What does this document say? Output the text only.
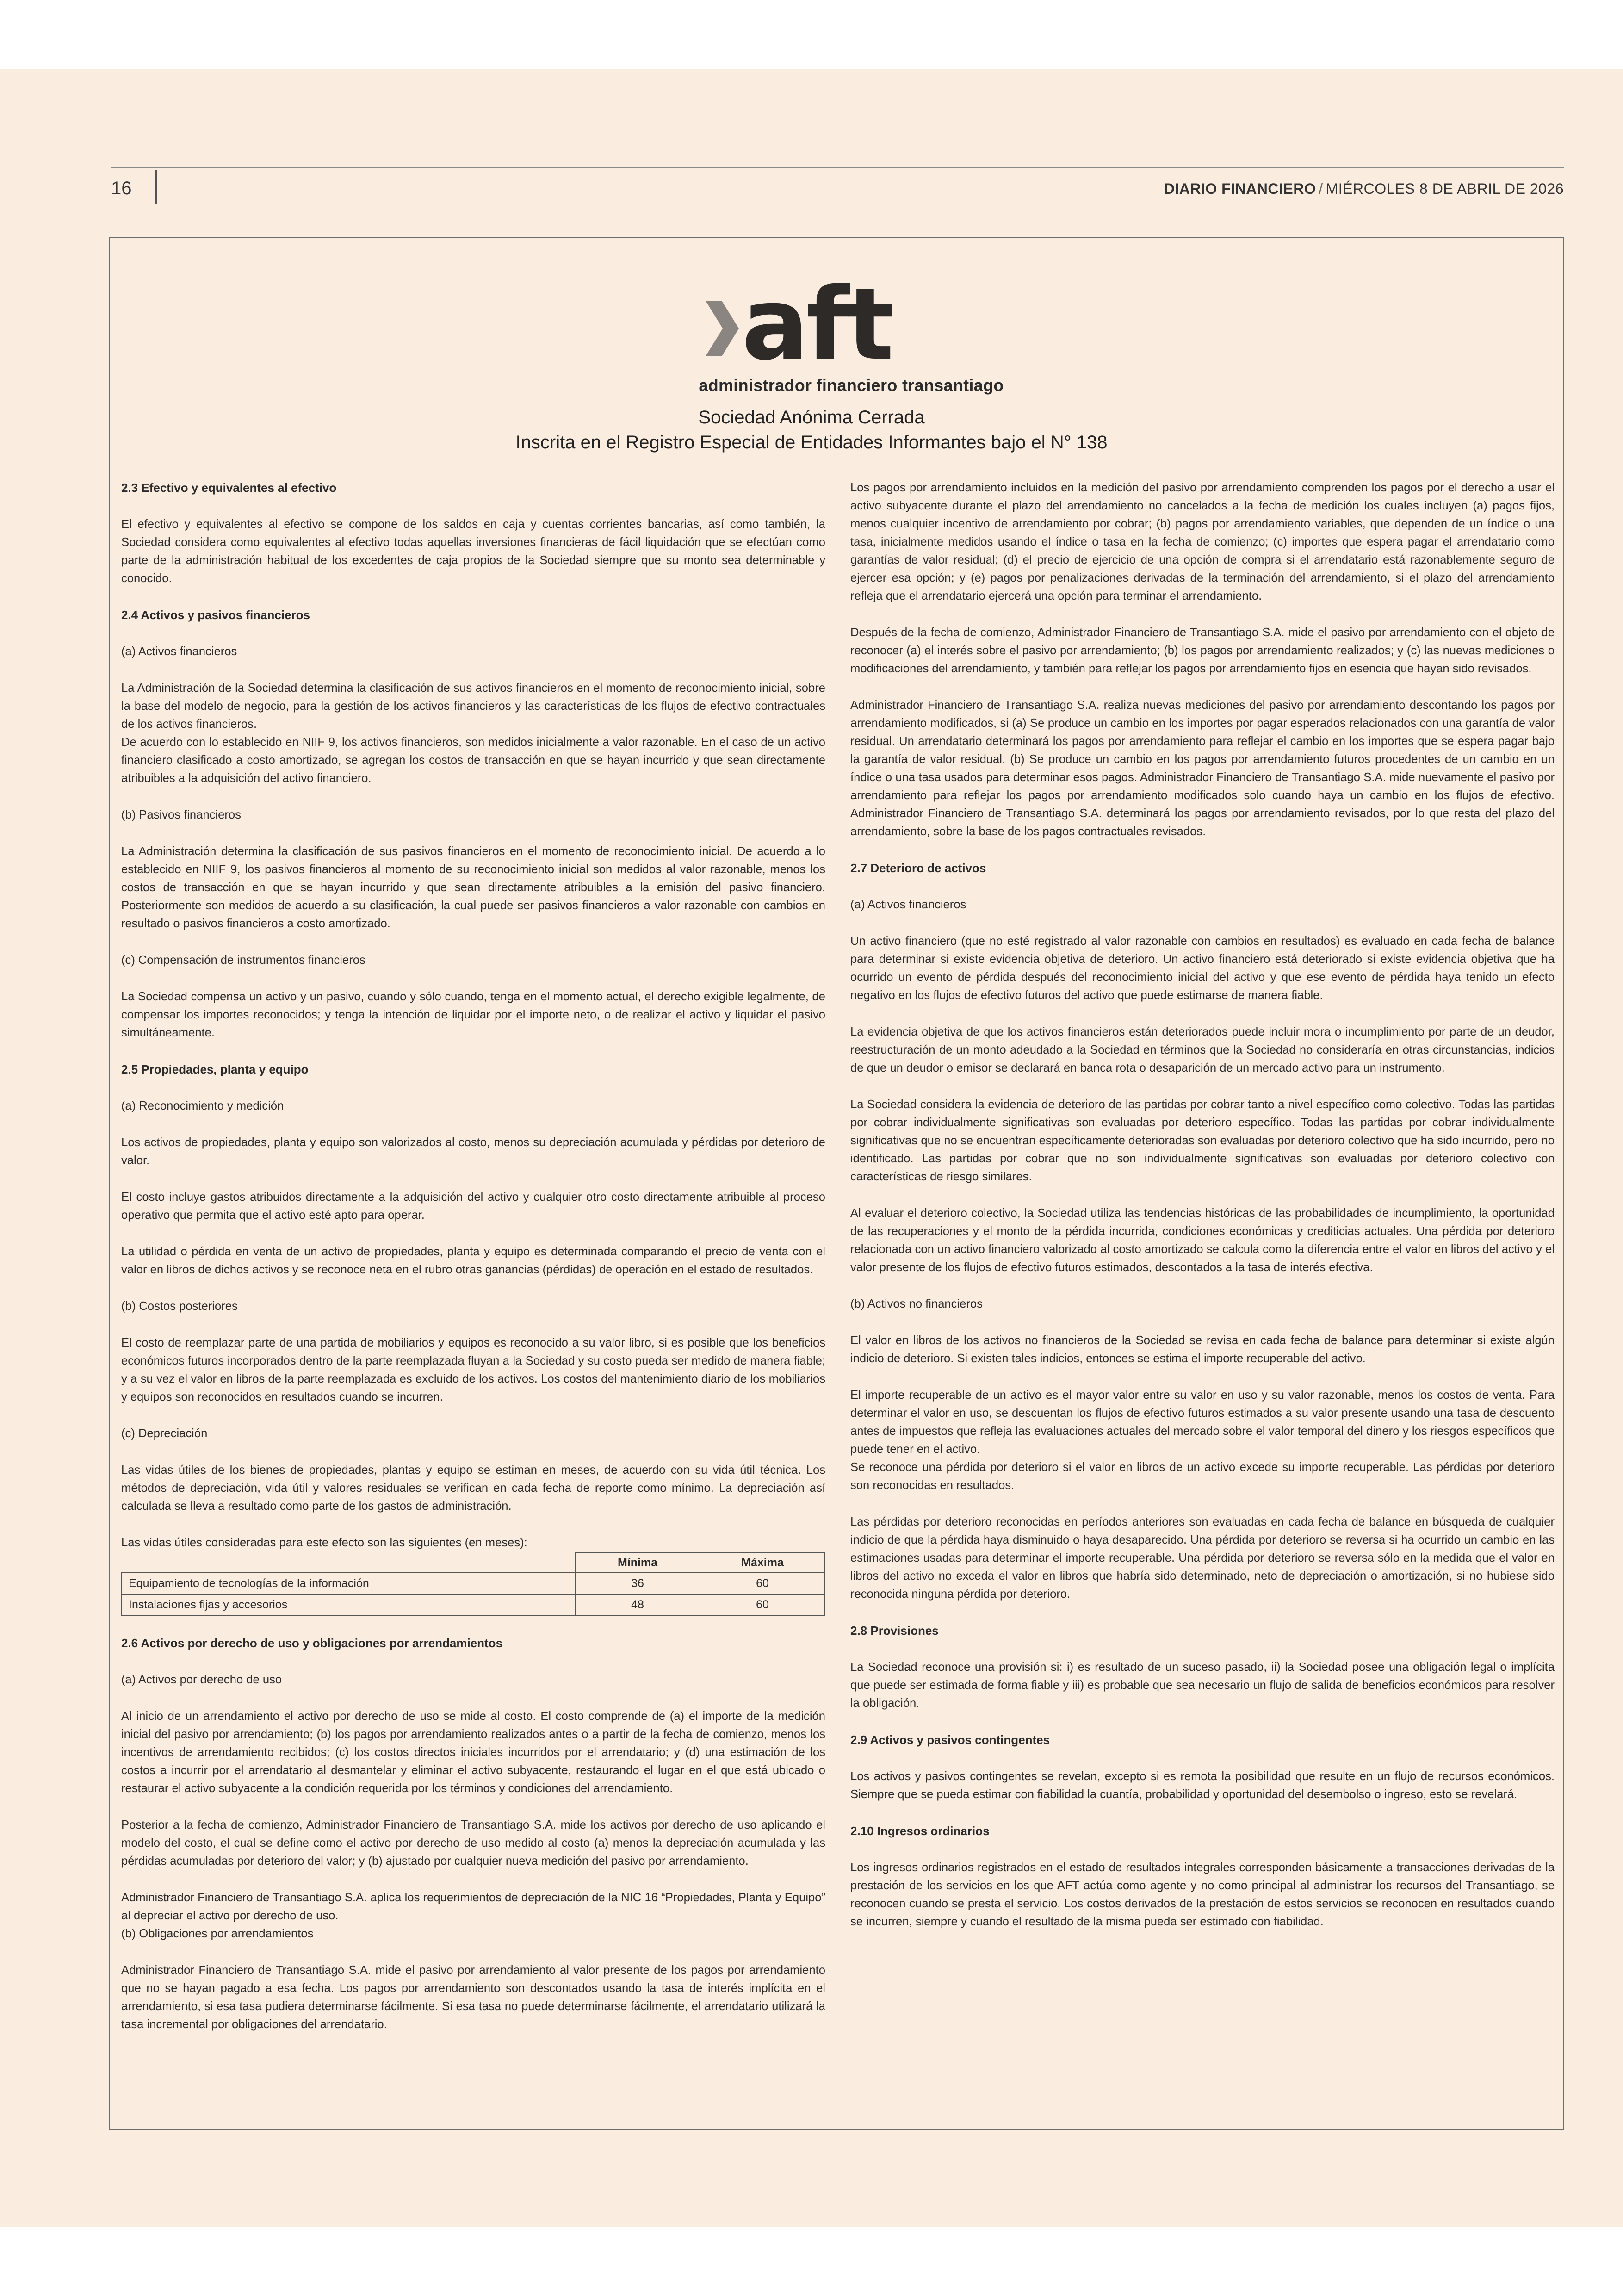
16	DIARIO FINANCIERO / MIÉRCOLES 8 DE ABRIL DE 2026
aft
administrador financiero transantiago
Sociedad Anónima Cerrada
Inscrita en el Registro Especial de Entidades Informantes bajo el N° 138
2.3 Efectivo y equivalentes al efectivo

El efectivo y equivalentes al efectivo se compone de los saldos en caja y cuentas corrientes bancarias, así como también, la Sociedad considera como equivalentes al efectivo todas aquellas inversiones financieras de fácil liquidación que se efectúan como parte de la administración habitual de los excedentes de caja propios de la Sociedad siempre que su monto sea determinable y conocido.

2.4 Activos y pasivos financieros
(a) Activos financieros

La Administración de la Sociedad determina la clasificación de sus activos financieros en el momento de reconocimiento inicial, sobre la base del modelo de negocio, para la gestión de los activos financieros y las características de los flujos de efectivo contractuales de los activos financieros.

De acuerdo con lo establecido en NIIF 9, los activos financieros, son medidos inicialmente a valor razonable. En el caso de un activo financiero clasificado a costo amortizado, se agregan los costos de transacción en que se hayan incurrido y que sean directamente atribuibles a la adquisición del activo financiero.

(b) Pasivos financieros

La Administración determina la clasificación de sus pasivos financieros en el momento de reconocimiento inicial. De acuerdo a lo establecido en NIIF 9, los pasivos financieros al momento de su reconocimiento inicial son medidos al valor razonable, menos los costos de transacción en que se hayan incurrido y que sean directamente atribuibles a la emisión del pasivo financiero. Posteriormente son medidos de acuerdo a su clasificación, la cual puede ser pasivos financieros a valor razonable con cambios en resultado o pasivos financieros a costo amortizado.

(c) Compensación de instrumentos financieros

La Sociedad compensa un activo y un pasivo, cuando y sólo cuando, tenga en el momento actual, el derecho exigible legalmente, de compensar los importes reconocidos; y tenga la intención de liquidar por el importe neto, o de realizar el activo y liquidar el pasivo simultáneamente.

2.5 Propiedades, planta y equipo
(a) Reconocimiento y medición

Los activos de propiedades, planta y equipo son valorizados al costo, menos su depreciación acumulada y pérdidas por deterioro de valor.

El costo incluye gastos atribuidos directamente a la adquisición del activo y cualquier otro costo directamente atribuible al proceso operativo que permita que el activo esté apto para operar.

La utilidad o pérdida en venta de un activo de propiedades, planta y equipo es determinada comparando el precio de venta con el valor en libros de dichos activos y se reconoce neta en el rubro otras ganancias (pérdidas) de operación en el estado de resultados.

(b) Costos posteriores

El costo de reemplazar parte de una partida de mobiliarios y equipos es reconocido a su valor libro, si es posible que los beneficios económicos futuros incorporados dentro de la parte reemplazada fluyan a la Sociedad y su costo pueda ser medido de manera fiable; y a su vez el valor en libros de la parte reemplazada es excluido de los activos. Los costos del mantenimiento diario de los mobiliarios y equipos son reconocidos en resultados cuando se incurren.

(c) Depreciación

Las vidas útiles de los bienes de propiedades, plantas y equipo se estiman en meses, de acuerdo con su vida útil técnica. Los métodos de depreciación, vida útil y valores residuales se verifican en cada fecha de reporte como mínimo. La depreciación así calculada se lleva a resultado como parte de los gastos de administración.

Las vidas útiles consideradas para este efecto son las siguientes (en meses):

	Mínima	Máxima
Equipamiento de tecnologías de la información	36	60
Instalaciones fijas y accesorios	48	60
2.6 Activos por derecho de uso y obligaciones por arrendamientos
(a) Activos por derecho de uso

Al inicio de un arrendamiento el activo por derecho de uso se mide al costo. El costo comprende de (a) el importe de la medición inicial del pasivo por arrendamiento; (b) los pagos por arrendamiento realizados antes o a partir de la fecha de comienzo, menos los incentivos de arrendamiento recibidos; (c) los costos directos iniciales incurridos por el arrendatario; y (d) una estimación de los costos a incurrir por el arrendatario al desmantelar y eliminar el activo subyacente, restaurando el lugar en el que está ubicado o restaurar el activo subyacente a la condición requerida por los términos y condiciones del arrendamiento.

Posterior a la fecha de comienzo, Administrador Financiero de Transantiago S.A. mide los activos por derecho de uso aplicando el modelo del costo, el cual se define como el activo por derecho de uso medido al costo (a) menos la depreciación acumulada y las pérdidas acumuladas por deterioro del valor; y (b) ajustado por cualquier nueva medición del pasivo por arrendamiento.

Administrador Financiero de Transantiago S.A. aplica los requerimientos de depreciación de la NIC 16 “Propiedades, Planta y Equipo” al depreciar el activo por derecho de uso.

(b) Obligaciones por arrendamientos

Administrador Financiero de Transantiago S.A. mide el pasivo por arrendamiento al valor presente de los pagos por arrendamiento que no se hayan pagado a esa fecha. Los pagos por arrendamiento son descontados usando la tasa de interés implícita en el arrendamiento, si esa tasa pudiera determinarse fácilmente. Si esa tasa no puede determinarse fácilmente, el arrendatario utilizará la tasa incremental por obligaciones del arrendatario.

Los pagos por arrendamiento incluidos en la medición del pasivo por arrendamiento comprenden los pagos por el derecho a usar el activo subyacente durante el plazo del arrendamiento no cancelados a la fecha de medición los cuales incluyen (a) pagos fijos, menos cualquier incentivo de arrendamiento por cobrar; (b) pagos por arrendamiento variables, que dependen de un índice o una tasa, inicialmente medidos usando el índice o tasa en la fecha de comienzo; (c) importes que espera pagar el arrendatario como garantías de valor residual; (d) el precio de ejercicio de una opción de compra si el arrendatario está razonablemente seguro de ejercer esa opción; y (e) pagos por penalizaciones derivadas de la terminación del arrendamiento, si el plazo del arrendamiento refleja que el arrendatario ejercerá una opción para terminar el arrendamiento.

Después de la fecha de comienzo, Administrador Financiero de Transantiago S.A. mide el pasivo por arrendamiento con el objeto de reconocer (a) el interés sobre el pasivo por arrendamiento; (b) los pagos por arrendamiento realizados; y (c) las nuevas mediciones o modificaciones del arrendamiento, y también para reflejar los pagos por arrendamiento fijos en esencia que hayan sido revisados.

Administrador Financiero de Transantiago S.A. realiza nuevas mediciones del pasivo por arrendamiento descontando los pagos por arrendamiento modificados, si (a) Se produce un cambio en los importes por pagar esperados relacionados con una garantía de valor residual. Un arrendatario determinará los pagos por arrendamiento para reflejar el cambio en los importes que se espera pagar bajo la garantía de valor residual. (b) Se produce un cambio en los pagos por arrendamiento futuros procedentes de un cambio en un índice o una tasa usados para determinar esos pagos. Administrador Financiero de Transantiago S.A. mide nuevamente el pasivo por arrendamiento para reflejar los pagos por arrendamiento modificados solo cuando haya un cambio en los flujos de efectivo. Administrador Financiero de Transantiago S.A. determinará los pagos por arrendamiento revisados, por lo que resta del plazo del arrendamiento, sobre la base de los pagos contractuales revisados.

2.7 Deterioro de activos
(a) Activos financieros

Un activo financiero (que no esté registrado al valor razonable con cambios en resultados) es evaluado en cada fecha de balance para determinar si existe evidencia objetiva de deterioro. Un activo financiero está deteriorado si existe evidencia objetiva que ha ocurrido un evento de pérdida después del reconocimiento inicial del activo y que ese evento de pérdida haya tenido un efecto negativo en los flujos de efectivo futuros del activo que puede estimarse de manera fiable.

La evidencia objetiva de que los activos financieros están deteriorados puede incluir mora o incumplimiento por parte de un deudor, reestructuración de un monto adeudado a la Sociedad en términos que la Sociedad no consideraría en otras circunstancias, indicios de que un deudor o emisor se declarará en banca rota o desaparición de un mercado activo para un instrumento.

La Sociedad considera la evidencia de deterioro de las partidas por cobrar tanto a nivel específico como colectivo. Todas las partidas por cobrar individualmente significativas son evaluadas por deterioro específico. Todas las partidas por cobrar individualmente significativas que no se encuentran específicamente deterioradas son evaluadas por deterioro colectivo que ha sido incurrido, pero no identificado. Las partidas por cobrar que no son individualmente significativas son evaluadas por deterioro colectivo con características de riesgo similares.

Al evaluar el deterioro colectivo, la Sociedad utiliza las tendencias históricas de las probabilidades de incumplimiento, la oportunidad de las recuperaciones y el monto de la pérdida incurrida, condiciones económicas y crediticias actuales. Una pérdida por deterioro relacionada con un activo financiero valorizado al costo amortizado se calcula como la diferencia entre el valor en libros del activo y el valor presente de los flujos de efectivo futuros estimados, descontados a la tasa de interés efectiva.

(b) Activos no financieros

El valor en libros de los activos no financieros de la Sociedad se revisa en cada fecha de balance para determinar si existe algún indicio de deterioro. Si existen tales indicios, entonces se estima el importe recuperable del activo.

El importe recuperable de un activo es el mayor valor entre su valor en uso y su valor razonable, menos los costos de venta. Para determinar el valor en uso, se descuentan los flujos de efectivo futuros estimados a su valor presente usando una tasa de descuento antes de impuestos que refleja las evaluaciones actuales del mercado sobre el valor temporal del dinero y los riesgos específicos que puede tener en el activo.

Se reconoce una pérdida por deterioro si el valor en libros de un activo excede su importe recuperable. Las pérdidas por deterioro son reconocidas en resultados.

Las pérdidas por deterioro reconocidas en períodos anteriores son evaluadas en cada fecha de balance en búsqueda de cualquier indicio de que la pérdida haya disminuido o haya desaparecido. Una pérdida por deterioro se reversa si ha ocurrido un cambio en las estimaciones usadas para determinar el importe recuperable. Una pérdida por deterioro se reversa sólo en la medida que el valor en libros del activo no exceda el valor en libros que habría sido determinado, neto de depreciación o amortización, si no hubiese sido reconocida ninguna pérdida por deterioro.

2.8 Provisiones

La Sociedad reconoce una provisión si: i) es resultado de un suceso pasado, ii) la Sociedad posee una obligación legal o implícita que puede ser estimada de forma fiable y iii) es probable que sea necesario un flujo de salida de beneficios económicos para resolver la obligación.

2.9 Activos y pasivos contingentes

Los activos y pasivos contingentes se revelan, excepto si es remota la posibilidad que resulte en un flujo de recursos económicos. Siempre que se pueda estimar con fiabilidad la cuantía, probabilidad y oportunidad del desembolso o ingreso, esto se revelará.

2.10 Ingresos ordinarios

Los ingresos ordinarios registrados en el estado de resultados integrales corresponden básicamente a transacciones derivadas de la prestación de los servicios en los que AFT actúa como agente y no como principal al administrar los recursos del Transantiago, se reconocen cuando se presta el servicio. Los costos derivados de la prestación de estos servicios se reconocen en resultados cuando se incurren, siempre y cuando el resultado de la misma pueda ser estimado con fiabilidad.
